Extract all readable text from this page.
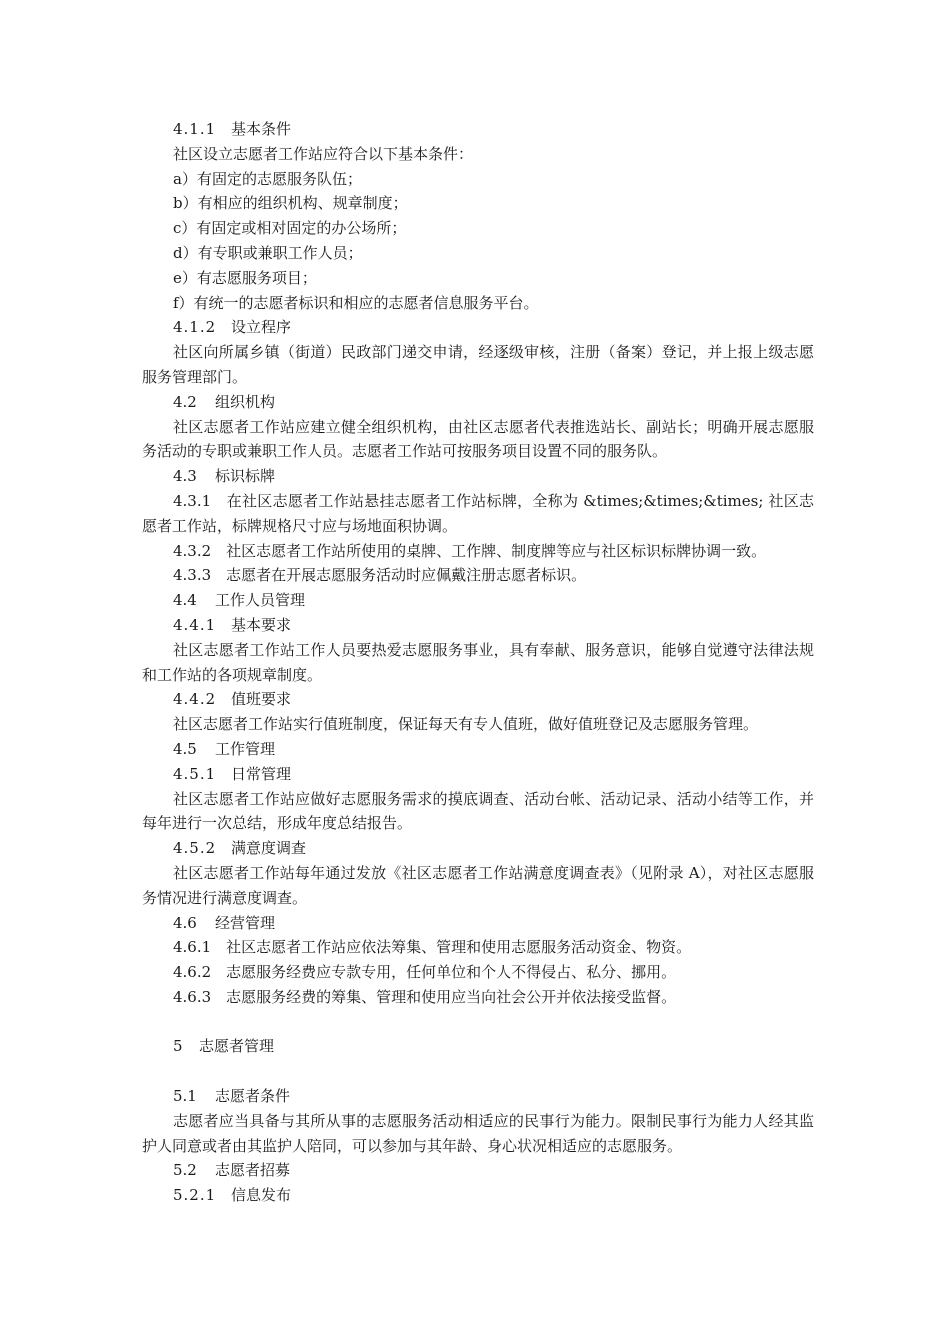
4.1.1 基本条件
社区设立志愿者工作站应符合以下基本条件：
a）有固定的志愿服务队伍；
b）有相应的组织机构、规章制度；
c）有固定或相对固定的办公场所；
d）有专职或兼职工作人员；
e）有志愿服务项目；
f）有统一的志愿者标识和相应的志愿者信息服务平台。
4.1.2 设立程序

社区向所属乡镇（街道）民政部门递交申请，经逐级审核，注册（备案）登记，并上报上级志愿服务管理部门。

4.2 组织机构

社区志愿者工作站应建立健全组织机构，由社区志愿者代表推选站长、副站长；明确开展志愿服务活动的专职或兼职工作人员。志愿者工作站可按服务项目设置不同的服务队。

4.3 标识标牌

4.3.1　在社区志愿者工作站悬挂志愿者工作站标牌，全称为 &times;&times;&times; 社区志愿者工作站，标牌规格尺寸应与场地面积协调。

4.3.2　社区志愿者工作站所使用的桌牌、工作牌、制度牌等应与社区标识标牌协调一致。
4.3.3　志愿者在开展志愿服务活动时应佩戴注册志愿者标识。
4.4 工作人员管理
4.4.1 基本要求

社区志愿者工作站工作人员要热爱志愿服务事业，具有奉献、服务意识，能够自觉遵守法律法规和工作站的各项规章制度。

4.4.2 值班要求
社区志愿者工作站实行值班制度，保证每天有专人值班，做好值班登记及志愿服务管理。
4.5 工作管理
4.5.1 日常管理

社区志愿者工作站应做好志愿服务需求的摸底调查、活动台帐、活动记录、活动小结等工作，并每年进行一次总结，形成年度总结报告。

4.5.2 满意度调查

社区志愿者工作站每年通过发放《社区志愿者工作站满意度调查表》（见附录 A），对社区志愿服务情况进行满意度调查。

4.6 经营管理
4.6.1　社区志愿者工作站应依法筹集、管理和使用志愿服务活动资金、物资。
4.6.2　志愿服务经费应专款专用，任何单位和个人不得侵占、私分、挪用。
4.6.3　志愿服务经费的筹集、管理和使用应当向社会公开并依法接受监督。
5 志愿者管理
5.1 志愿者条件

志愿者应当具备与其所从事的志愿服务活动相适应的民事行为能力。限制民事行为能力人经其监护人同意或者由其监护人陪同，可以参加与其年龄、身心状况相适应的志愿服务。

5.2 志愿者招募
5.2.1 信息发布
